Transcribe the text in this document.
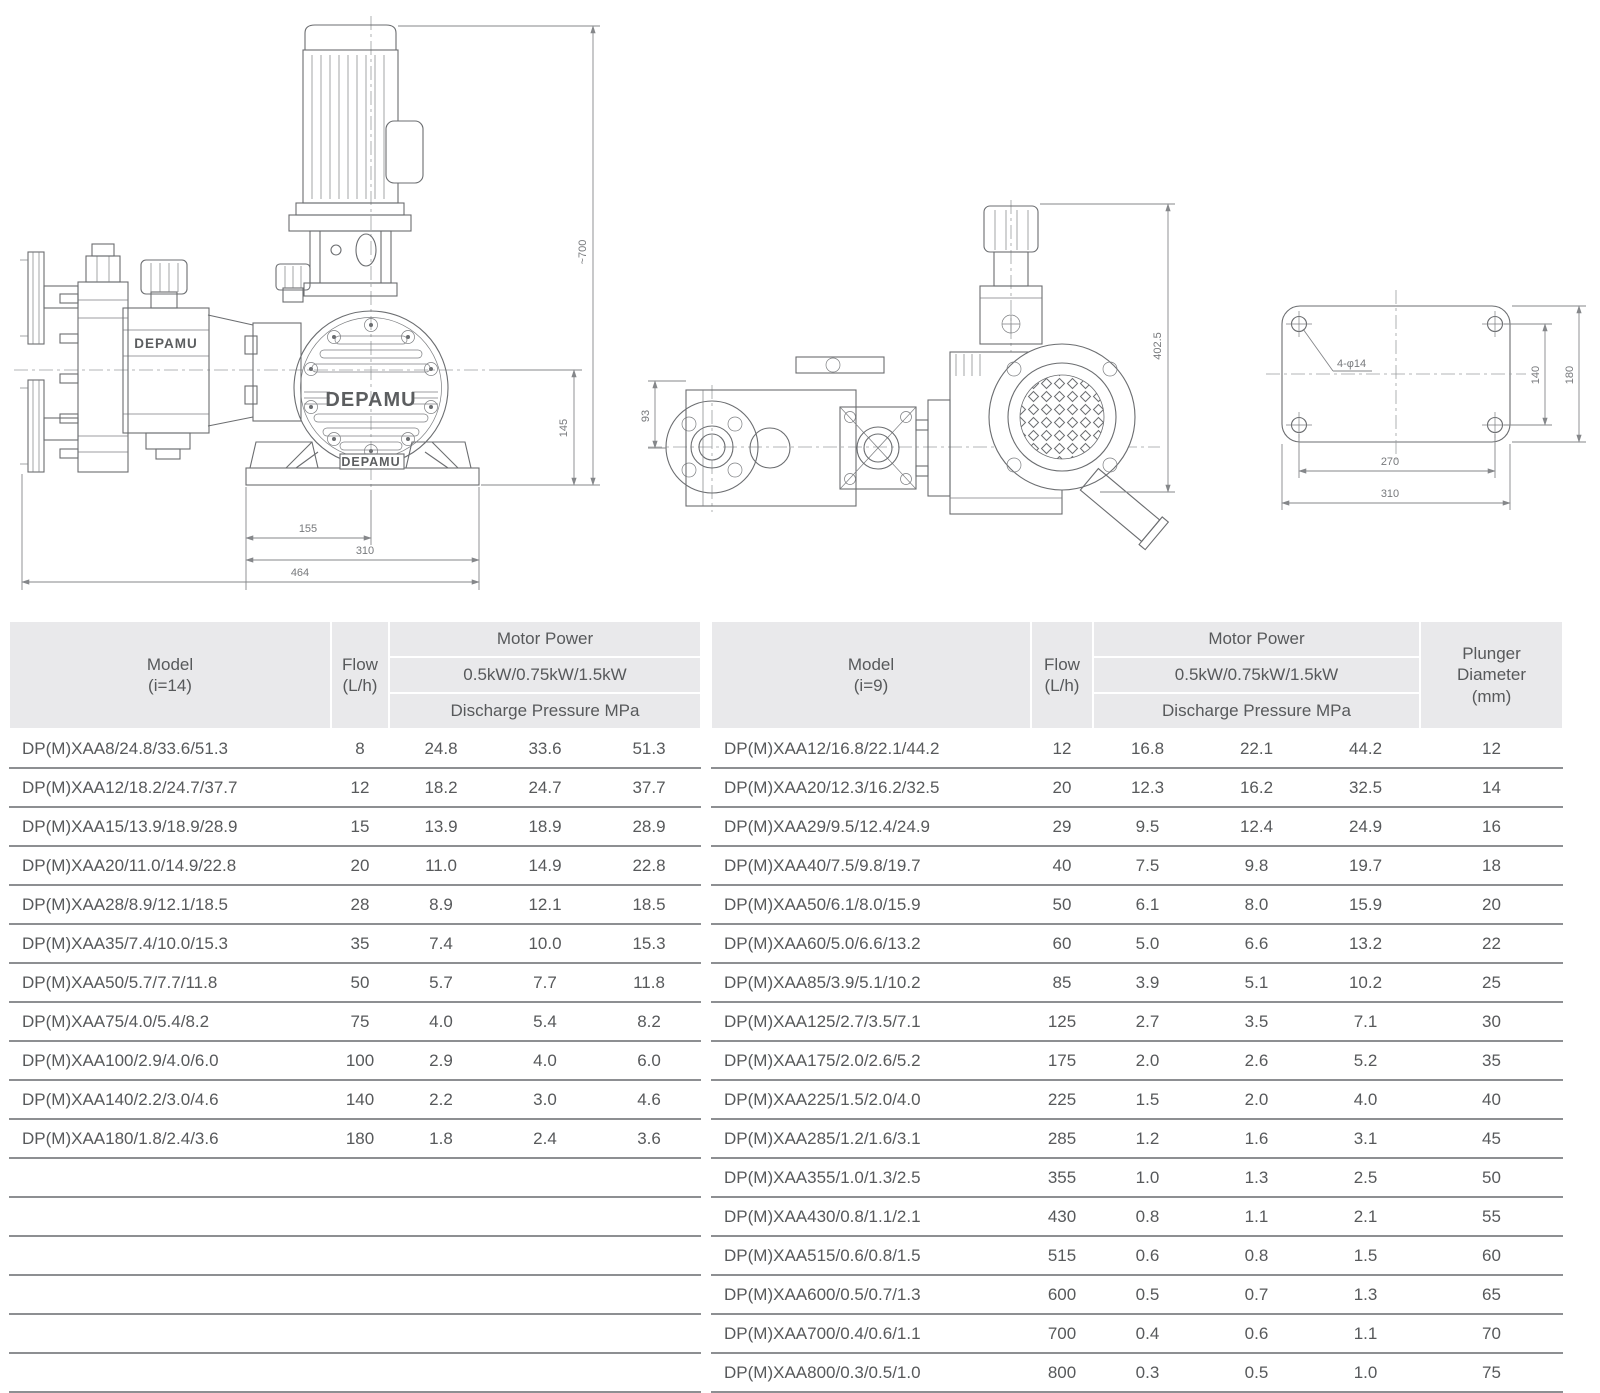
DEPAMU
DEPAMU
DEPAMU
~700
145
155
310
464
93
402.5
4-φ14
140 180
270
310
Model
(i=14)

Flow
(L/h)
	Motor Power
		0.5kW/0.75kW/1.5kW		
		Discharge Pressure MPa		
DP(M)XAA8/24.8/33.6/51.3	8	24.8	33.6	51.3
DP(M)XAA12/18.2/24.7/37.7	12	18.2	24.7	37.7
DP(M)XAA15/13.9/18.9/28.9	15	13.9	18.9	28.9
DP(M)XAA20/11.0/14.9/22.8	20	11.0	14.9	22.8
DP(M)XAA28/8.9/12.1/18.5	28	8.9	12.1	18.5
DP(M)XAA35/7.4/10.0/15.3	35	7.4	10.0	15.3
DP(M)XAA50/5.7/7.7/11.8	50	5.7	7.7	11.8
DP(M)XAA75/4.0/5.4/8.2	75	4.0	5.4	8.2
DP(M)XAA100/2.9/4.0/6.0	100	2.9	4.0	6.0
DP(M)XAA140/2.2/3.0/4.6	140	2.2	3.0	4.6
DP(M)XAA180/1.8/2.4/3.6	180	1.8	2.4	3.6

Model
(i=9)

Flow
(L/h)
	Motor Power	
Plunger
Diameter
(mm)

		0.5kW/0.75kW/1.5kW			
		Discharge Pressure MPa			
DP(M)XAA12/16.8/22.1/44.2	12	16.8	22.1	44.2	12
DP(M)XAA20/12.3/16.2/32.5	20	12.3	16.2	32.5	14
DP(M)XAA29/9.5/12.4/24.9	29	9.5	12.4	24.9	16
DP(M)XAA40/7.5/9.8/19.7	40	7.5	9.8	19.7	18
DP(M)XAA50/6.1/8.0/15.9	50	6.1	8.0	15.9	20
DP(M)XAA60/5.0/6.6/13.2	60	5.0	6.6	13.2	22
DP(M)XAA85/3.9/5.1/10.2	85	3.9	5.1	10.2	25
DP(M)XAA125/2.7/3.5/7.1	125	2.7	3.5	7.1	30
DP(M)XAA175/2.0/2.6/5.2	175	2.0	2.6	5.2	35
DP(M)XAA225/1.5/2.0/4.0	225	1.5	2.0	4.0	40
DP(M)XAA285/1.2/1.6/3.1	285	1.2	1.6	3.1	45
DP(M)XAA355/1.0/1.3/2.5	355	1.0	1.3	2.5	50
DP(M)XAA430/0.8/1.1/2.1	430	0.8	1.1	2.1	55
DP(M)XAA515/0.6/0.8/1.5	515	0.6	0.8	1.5	60
DP(M)XAA600/0.5/0.7/1.3	600	0.5	0.7	1.3	65
DP(M)XAA700/0.4/0.6/1.1	700	0.4	0.6	1.1	70
DP(M)XAA800/0.3/0.5/1.0	800	0.3	0.5	1.0	75
